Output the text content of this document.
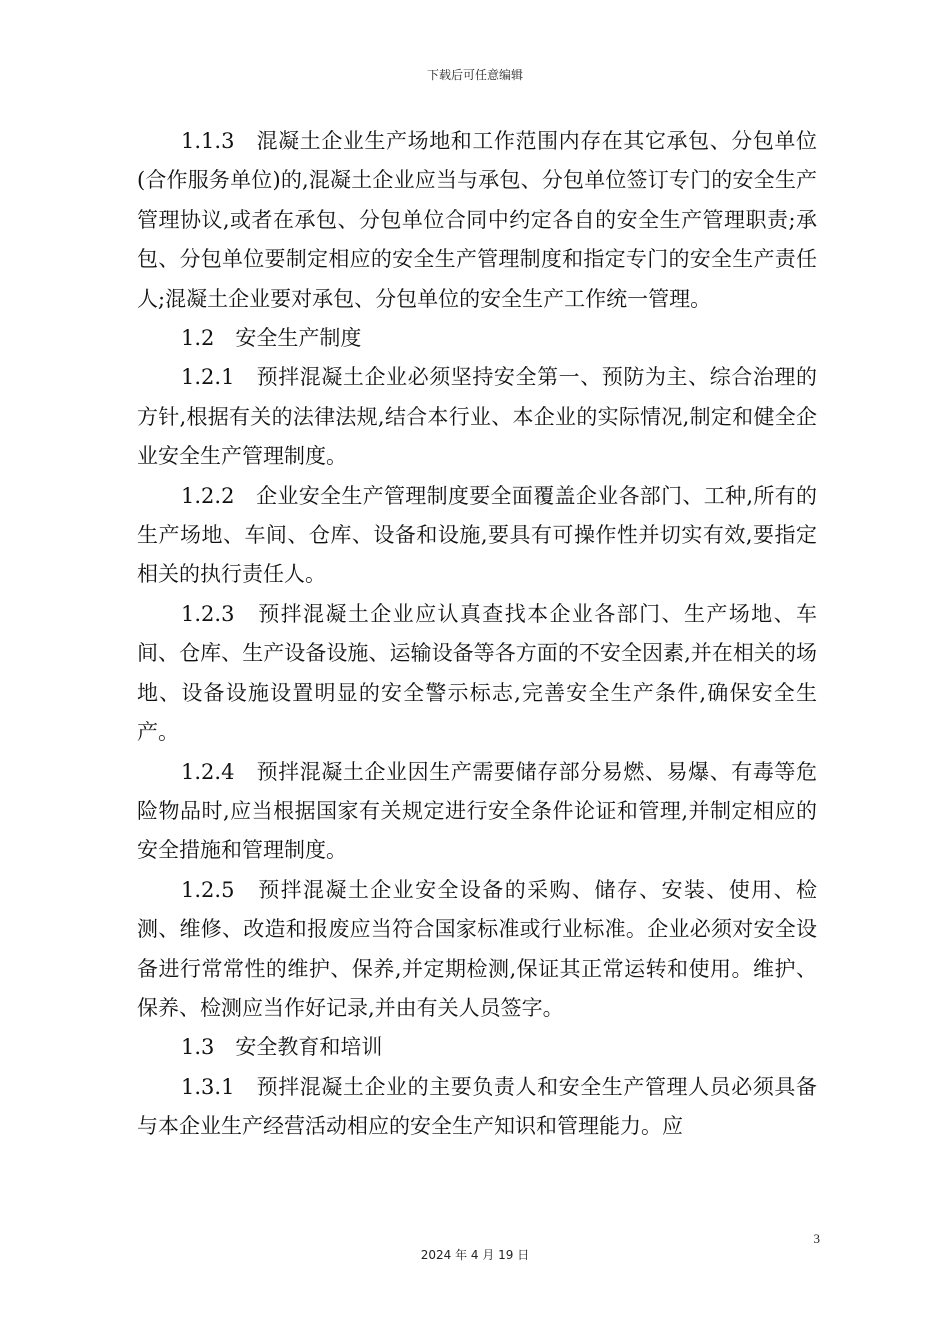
下载后可任意编辑

1.1.3　混凝土企业生产场地和工作范围内存在其它承包、分包单位(合作服务单位)的,混凝土企业应当与承包、分包单位签订专门的安全生产管理协议,或者在承包、分包单位合同中约定各自的安全生产管理职责;承包、分包单位要制定相应的安全生产管理制度和指定专门的安全生产责任人;混凝土企业要对承包、分包单位的安全生产工作统一管理。

1.2　安全生产制度

1.2.1　预拌混凝土企业必须坚持安全第一、预防为主、综合治理的方针,根据有关的法律法规,结合本行业、本企业的实际情况,制定和健全企业安全生产管理制度。

1.2.2　企业安全生产管理制度要全面覆盖企业各部门、工种,所有的生产场地、车间、仓库、设备和设施,要具有可操作性并切实有效,要指定相关的执行责任人。

1.2.3　预拌混凝土企业应认真查找本企业各部门、生产场地、车间、仓库、生产设备设施、运输设备等各方面的不安全因素,并在相关的场地、设备设施设置明显的安全警示标志,完善安全生产条件,确保安全生产。

1.2.4　预拌混凝土企业因生产需要储存部分易燃、易爆、有毒等危险物品时,应当根据国家有关规定进行安全条件论证和管理,并制定相应的安全措施和管理制度。

1.2.5　预拌混凝土企业安全设备的采购、储存、安装、使用、检测、维修、改造和报废应当符合国家标准或行业标准。企业必须对安全设备进行常常性的维护、保养,并定期检测,保证其正常运转和使用。维护、保养、检测应当作好记录,并由有关人员签字。

1.3　安全教育和培训

1.3.1　预拌混凝土企业的主要负责人和安全生产管理人员必须具备与本企业生产经营活动相应的安全生产知识和管理能力。应

3
2024 年 4 月 19 日
